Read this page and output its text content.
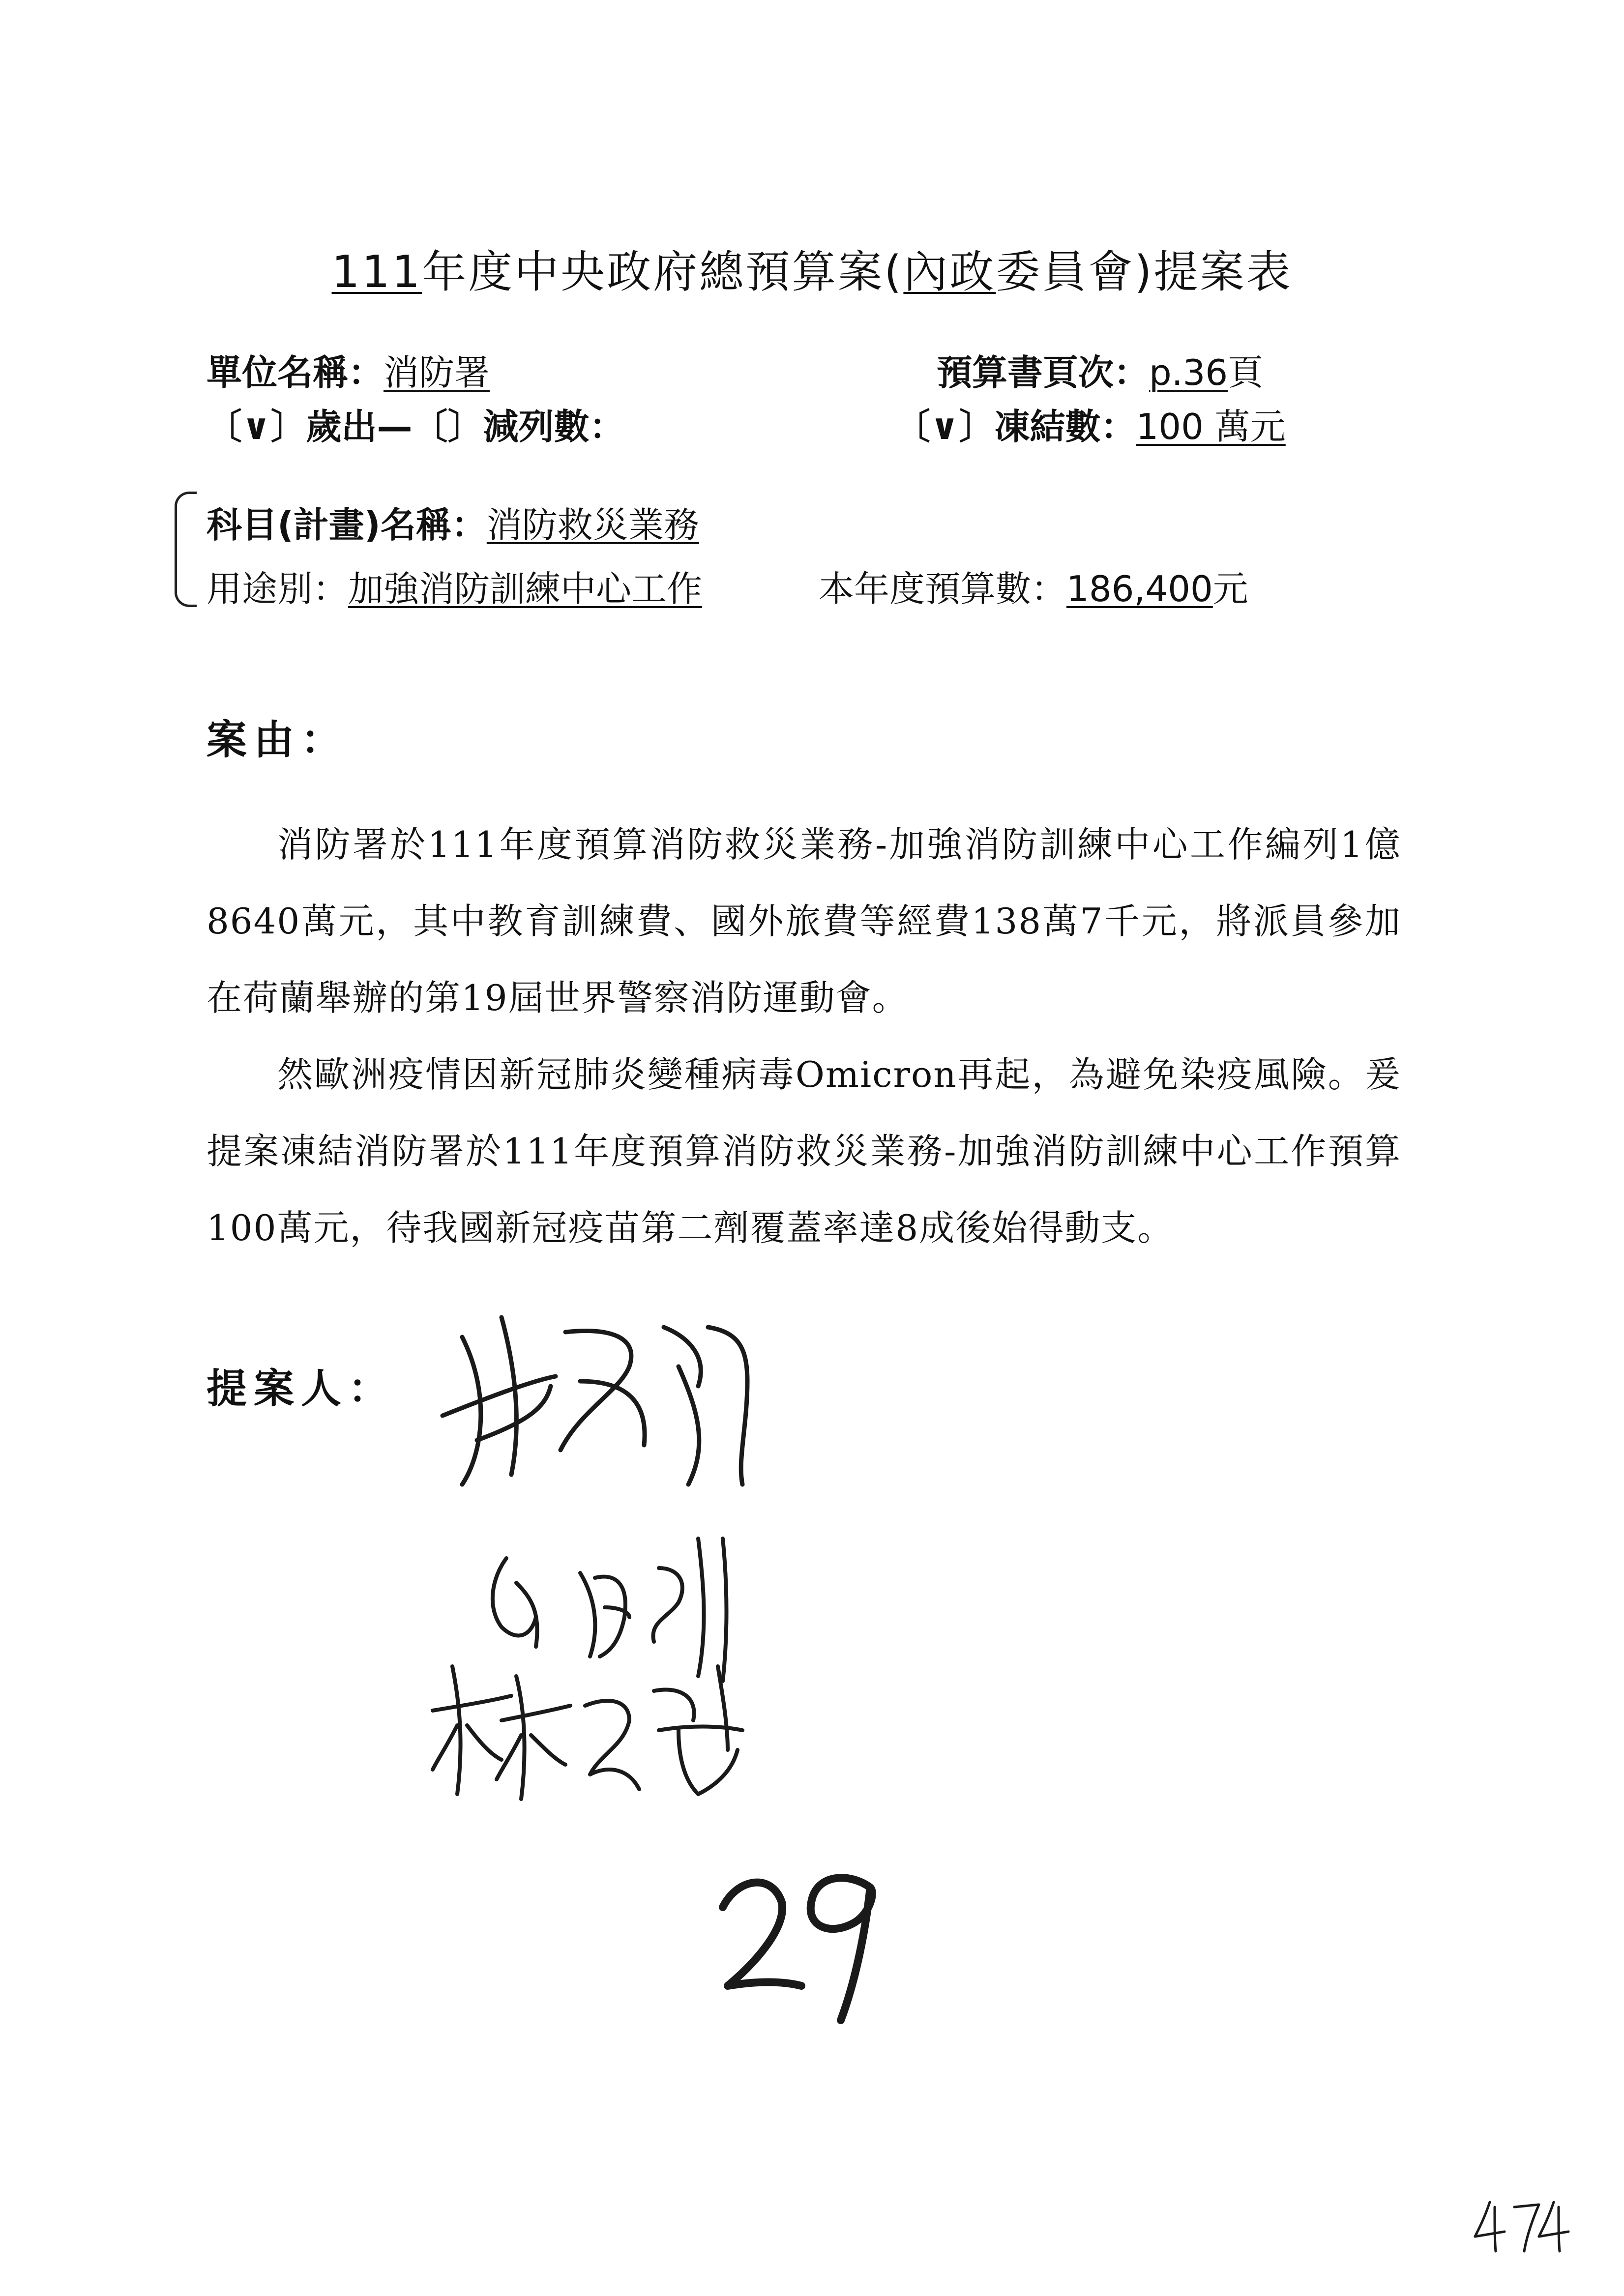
111年度中央政府總預算案(內政委員會)提案表
單位名稱：消防署	預算書頁次：p.36頁
〔∨〕歲出—〔〕減列數：	〔∨〕凍結數：100 萬元
科目(計畫)名稱：消防救災業務
用途別：加強消防訓練中心工作	本年度預算數：186,400元
案由：

消防署於111年度預算消防救災業務-加強消防訓練中心工作編列1億8640萬元，其中教育訓練費、國外旅費等經費138萬7千元，將派員參加在荷蘭舉辦的第19屆世界警察消防運動會。

然歐洲疫情因新冠肺炎變種病毒Omicron再起，為避免染疫風險。爰提案凍結消防署於111年度預算消防救災業務-加強消防訓練中心工作預算100萬元，待我國新冠疫苗第二劑覆蓋率達8成後始得動支。

提案人：
